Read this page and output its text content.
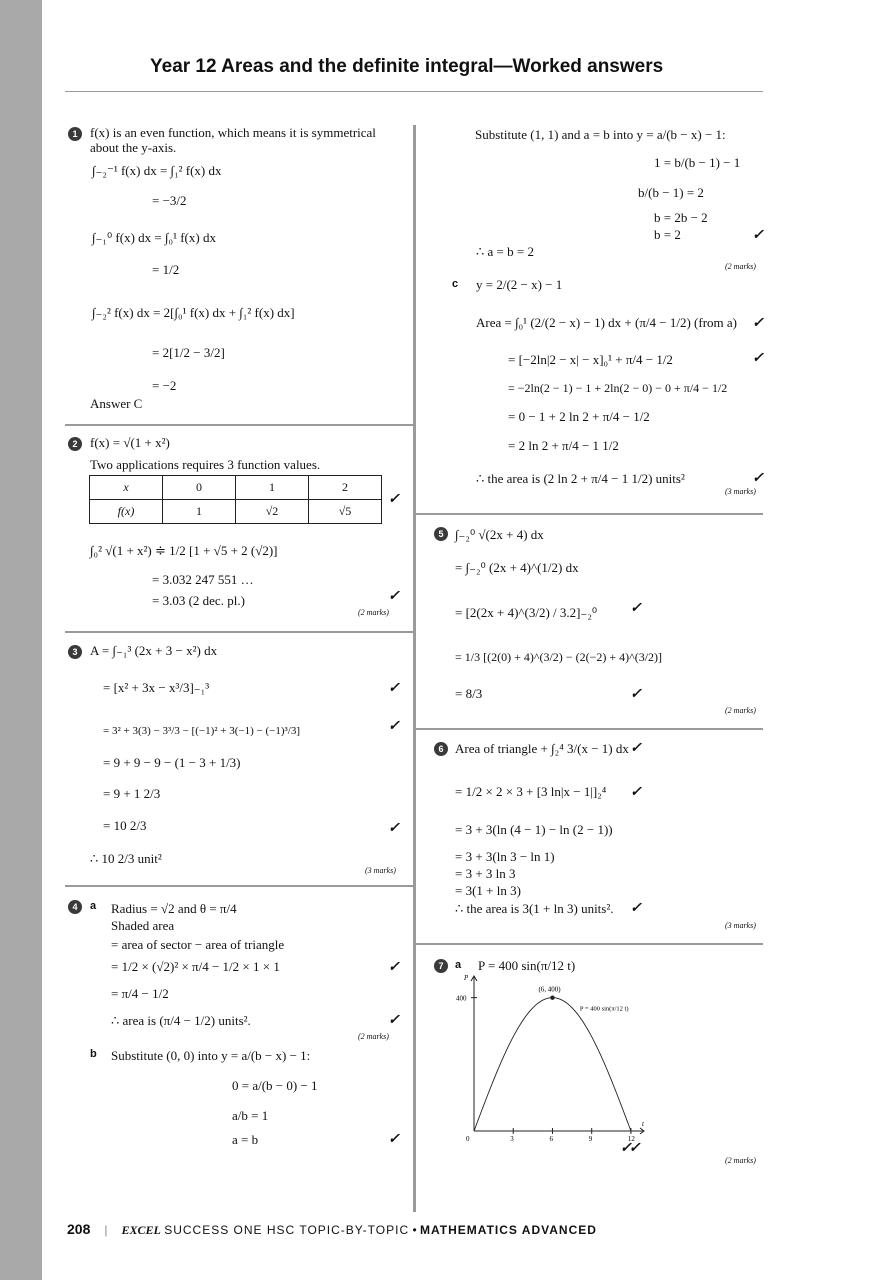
Year 12 Areas and the definite integral—Worked answers
1 f(x) is an even function, which means it is symmetrical
about the y-axis.
∫₋₂⁻¹ f(x) dx = ∫₁² f(x) dx
= −3/2
∫₋₁⁰ f(x) dx = ∫₀¹ f(x) dx
= 1/2
∫₋₂² f(x) dx = 2[∫₀¹ f(x) dx + ∫₁² f(x) dx]
= 2[1/2 − 3/2]
= −2
Answer C
2 f(x) = √(1 + x²)
Two applications requires 3 function values.
x	0	1	2
f(x)	1	√2	√5
✓
∫₀² √(1 + x²) ≑ 1/2 [1 + √5 + 2 (√2)]
= 3.032 247 551 …
= 3.03 (2 dec. pl.)	✓
(2 marks)
3 A = ∫₋₁³ (2x + 3 − x²) dx
= [x² + 3x − x³/3]₋₁³	✓
= 3² + 3(3) − 3³/3 − [(−1)² + 3(−1) − (−1)³/3]	✓
= 9 + 9 − 9 − (1 − 3 + 1/3)
= 9 + 1 2/3
= 10 2/3	✓
∴ 10 2/3 unit²
(3 marks)
4	a Radius = √2 and θ = π/4
Shaded area
= area of sector − area of triangle
= 1/2 × (√2)² × π/4 − 1/2 × 1 × 1	✓
= π/4 − 1/2
∴ area is (π/4 − 1/2) units².	✓
(2 marks)
b Substitute (0, 0) into y = a/(b − x) − 1:
0 = a/(b − 0) − 1
a/b = 1
a = b	✓
Substitute (1, 1) and a = b into y = a/(b − x) − 1:
1 = b/(b − 1) − 1
b/(b − 1) = 2
b = 2b − 2
b = 2	✓
∴ a = b = 2
(2 marks)
c y = 2/(2 − x) − 1
Area = ∫₀¹ (2/(2 − x) − 1) dx + (π/4 − 1/2) (from a) ✓
= [−2ln|2 − x| − x]₀¹ + π/4 − 1/2	✓
= −2ln(2 − 1) − 1 + 2ln(2 − 0) − 0 + π/4 − 1/2
= 0 − 1 + 2 ln 2 + π/4 − 1/2
= 2 ln 2 + π/4 − 1 1/2
∴ the area is (2 ln 2 + π/4 − 1 1/2) units²	✓
(3 marks)
5 ∫₋₂⁰ √(2x + 4) dx
= ∫₋₂⁰ (2x + 4)^(1/2) dx
= [2(2x + 4)^(3/2) / 3.2]₋₂⁰ ✓
= 1/3 [(2(0) + 4)^(3/2) − (2(−2) + 4)^(3/2)]
= 8/3	✓
(2 marks)
6 Area of triangle + ∫₂⁴ 3/(x − 1) dx ✓
= 1/2 × 2 × 3 + [3 ln|x − 1|]₂⁴ ✓
= 3 + 3(ln (4 − 1) − ln (2 − 1))
= 3 + 3(ln 3 − ln 1)
= 3 + 3 ln 3
= 3(1 + ln 3)
∴ the area is 3(1 + ln 3) units². ✓
(3 marks)
7	a P = 400 sin(π/12 t)
0	3	6	9	12
400
t
P
(6, 400)
P = 400 sin(π/12 t)
✓✓
(2 marks)
208 | EXCEL SUCCESS ONE HSC TOPIC-BY-TOPIC • MATHEMATICS ADVANCED
